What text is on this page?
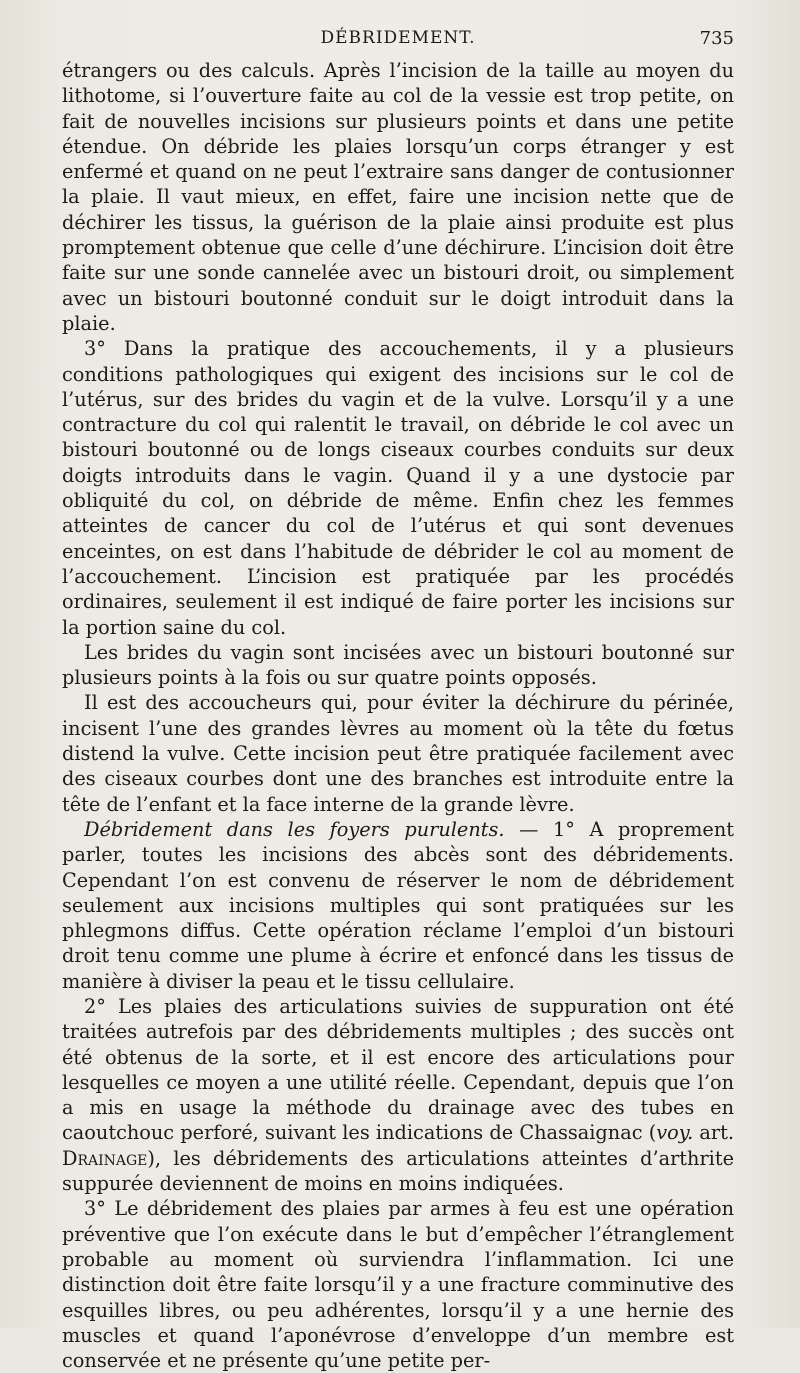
DÉBRIDEMENT.	735

étrangers ou des calculs. Après l’incision de la taille au moyen du lithotome, si l’ouverture faite au col de la vessie est trop petite, on fait de nouvelles incisions sur plusieurs points et dans une petite étendue. On débride les plaies lorsqu’un corps étranger y est enfermé et quand on ne peut l’extraire sans danger de contusionner la plaie. Il vaut mieux, en effet, faire une incision nette que de déchirer les tissus, la guérison de la plaie ainsi produite est plus promptement obtenue que celle d’une déchirure. L’incision doit être faite sur une sonde cannelée avec un bistouri droit, ou simplement avec un bistouri boutonné conduit sur le doigt introduit dans la plaie.

3° Dans la pratique des accouchements, il y a plusieurs conditions pathologiques qui exigent des incisions sur le col de l’utérus, sur des brides du vagin et de la vulve. Lorsqu’il y a une contracture du col qui ralentit le travail, on débride le col avec un bistouri boutonné ou de longs ciseaux courbes conduits sur deux doigts introduits dans le vagin. Quand il y a une dystocie par obliquité du col, on débride de même. Enfin chez les femmes atteintes de cancer du col de l’utérus et qui sont devenues enceintes, on est dans l’habitude de débrider le col au moment de l’accouchement. L’incision est pratiquée par les procédés ordinaires, seulement il est indiqué de faire porter les incisions sur la portion saine du col.

Les brides du vagin sont incisées avec un bistouri boutonné sur plusieurs points à la fois ou sur quatre points opposés.

Il est des accoucheurs qui, pour éviter la déchirure du périnée, incisent l’une des grandes lèvres au moment où la tête du fœtus distend la vulve. Cette incision peut être pratiquée facilement avec des ciseaux courbes dont une des branches est introduite entre la tête de l’enfant et la face interne de la grande lèvre.

Débridement dans les foyers purulents. — 1° A proprement parler, toutes les incisions des abcès sont des débridements. Cependant l’on est convenu de réserver le nom de débridement seulement aux incisions multiples qui sont pratiquées sur les phlegmons diffus. Cette opération réclame l’emploi d’un bistouri droit tenu comme une plume à écrire et enfoncé dans les tissus de manière à diviser la peau et le tissu cellulaire.

2° Les plaies des articulations suivies de suppuration ont été traitées autrefois par des débridements multiples ; des succès ont été obtenus de la sorte, et il est encore des articulations pour lesquelles ce moyen a une utilité réelle. Cependant, depuis que l’on a mis en usage la méthode du drainage avec des tubes en caoutchouc perforé, suivant les indications de Chassaignac (voy. art. Drainage), les débridements des articulations atteintes d’arthrite suppurée deviennent de moins en moins indiquées.

3° Le débridement des plaies par armes à feu est une opération préventive que l’on exécute dans le but d’empêcher l’étranglement probable au moment où surviendra l’inflammation. Ici une distinction doit être faite lorsqu’il y a une fracture comminutive des esquilles libres, ou peu adhérentes, lorsqu’il y a une hernie des muscles et quand l’aponévrose d’enveloppe d’un membre est conservée et ne présente qu’une petite per-
